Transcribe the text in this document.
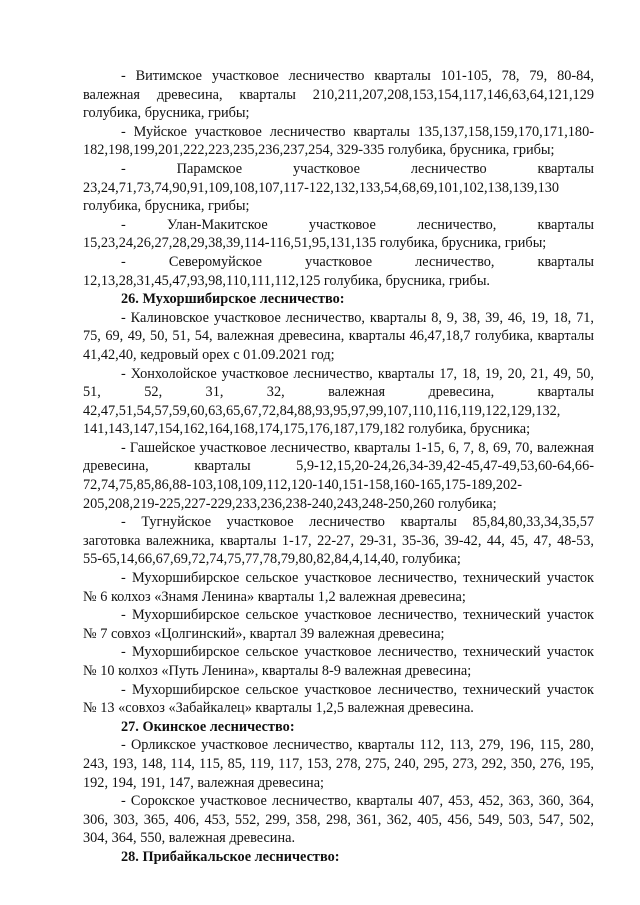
- Витимское участковое лесничество кварталы 101-105, 78, 79, 80-84, валежная древесина, кварталы 210,211,207,208,153,154,117,146,63,64,121,129 голубика, брусника, грибы;

- Муйское участковое лесничество кварталы 135,137,158,159,170,171,180-182,198,199,201,222,223,235,236,237,254, 329-335 голубика, брусника, грибы;

- Парамское участковое лесничество кварталы 23,24,71,73,74,90,91,109,108,107,117-122,132,133,54,68,69,101,102,138,139,130 голубика, брусника, грибы;

- Улан-Макитское участковое лесничество, кварталы 15,23,24,26,27,28,29,38,39,114-116,51,95,131,135 голубика, брусника, грибы;

- Северомуйское участковое лесничество, кварталы 12,13,28,31,45,47,93,98,110,111,112,125 голубика, брусника, грибы.

26. Мухоршибирское лесничество:

- Калиновское участковое лесничество, кварталы 8, 9, 38, 39, 46, 19, 18, 71, 75, 69, 49, 50, 51, 54, валежная древесина, кварталы 46,47,18,7 голубика, кварталы 41,42,40, кедровый орех с 01.09.2021 год;

- Хонхолойское участковое лесничество, кварталы 17, 18, 19, 20, 21, 49, 50, 51, 52, 31, 32, валежная древесина, кварталы 42,47,51,54,57,59,60,63,65,67,72,84,88,93,95,97,99,107,110,116,119,122,129,132, 141,143,147,154,162,164,168,174,175,176,187,179,182 голубика, брусника;

- Гашейское участковое лесничество, кварталы 1-15, 6, 7, 8, 69, 70, валежная древесина, кварталы 5,9-12,15,20-24,26,34-39,42-45,47-49,53,60-64,66-72,74,75,85,86,88-103,108,109,112,120-140,151-158,160-165,175-189,202-205,208,219-225,227-229,233,236,238-240,243,248-250,260 голубика;

- Тугнуйское участковое лесничество кварталы 85,84,80,33,34,35,57 заготовка валежника, кварталы 1-17, 22-27, 29-31, 35-36, 39-42, 44, 45, 47, 48-53, 55-65,14,66,67,69,72,74,75,77,78,79,80,82,84,4,14,40, голубика;

- Мухоршибирское сельское участковое лесничество, технический участок № 6 колхоз «Знамя Ленина» кварталы 1,2 валежная древесина;

- Мухоршибирское сельское участковое лесничество, технический участок № 7 совхоз «Цолгинский», квартал 39 валежная древесина;

- Мухоршибирское сельское участковое лесничество, технический участок № 10 колхоз «Путь Ленина», кварталы 8-9 валежная древесина;

- Мухоршибирское сельское участковое лесничество, технический участок № 13 «совхоз «Забайкалец» кварталы 1,2,5 валежная древесина.

27. Окинское лесничество:

- Орликское участковое лесничество, кварталы 112, 113, 279, 196, 115, 280, 243, 193, 148, 114, 115, 85, 119, 117, 153, 278, 275, 240, 295, 273, 292, 350, 276, 195, 192, 194, 191, 147, валежная древесина;

- Сорокское участковое лесничество, кварталы 407, 453, 452, 363, 360, 364, 306, 303, 365, 406, 453, 552, 299, 358, 298, 361, 362, 405, 456, 549, 503, 547, 502, 304, 364, 550, валежная древесина.

28. Прибайкальское лесничество:
